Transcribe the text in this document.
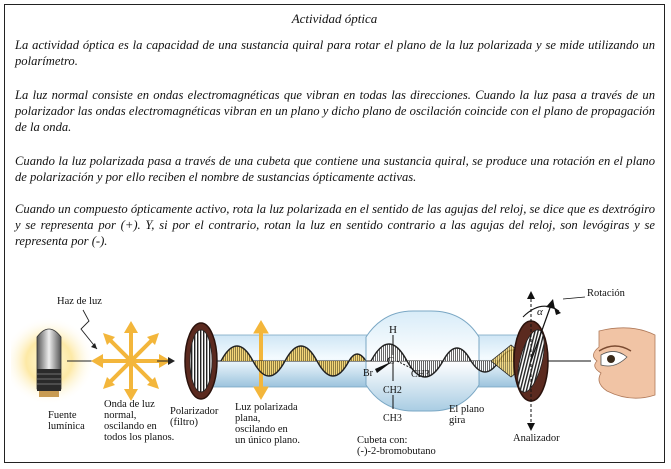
Actividad óptica
La actividad óptica es la capacidad de una sustancia quiral para rotar el plano de la luz polarizada y se mide utilizando un polarímetro.
La luz normal consiste en ondas electromagnéticas que vibran en todas las direcciones. Cuando la luz pasa a través de un polarizador las ondas electromagnéticas vibran en un plano y dicho plano de oscilación coincide con el plano de propagación de la onda.
Cuando la luz polarizada pasa a través de una cubeta que contiene una sustancia quiral, se produce una rotación en el plano de polarización y por ello reciben el nombre de sustancias ópticamente activas.
Cuando un compuesto ópticamente activo, rota la luz polarizada en el sentido de las agujas del reloj, se dice que es dextrógiro y se representa por (+). Y, si por el contrario, rotan la luz en sentido contrario a las agujas del reloj, son levógiras y se representa por (-).
H
C
Br	CH3
CH2
CH3
α
Haz de luz
Fuente
lumínica
Onda de luz
normal,
oscilando en
todos los planos.
Polarizador
(filtro)
Luz polarizada
plana,
oscilando en
un único plano.	Cubeta con:
(-)-2-bromobutano
El plano
gira
Analizador
Rotación
